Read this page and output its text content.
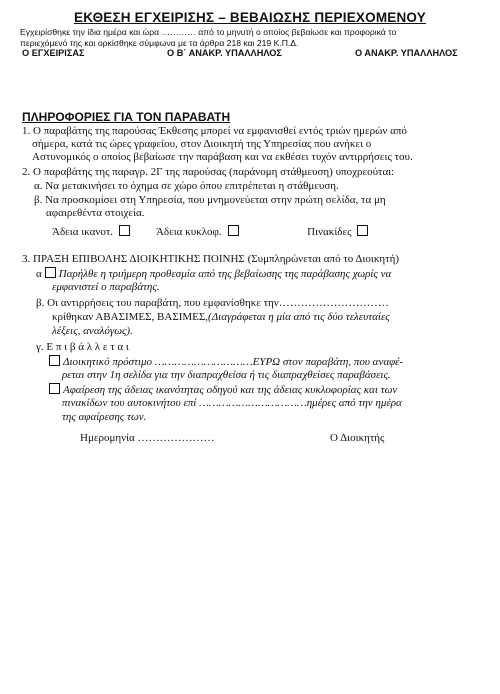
ΕΚΘΕΣΗ ΕΓΧΕΙΡΙΣΗΣ – ΒΕΒΑΙΩΣΗΣ ΠΕΡΙΕΧΟΜΕΝΟΥ
Εγχειρίσθηκε την ίδια ημέρα και ώρα ………… από το μηνυτή ο οποίος βεβαίωσε και προφορικά το
περιεχόμενό της και ορκίσθηκε σύμφωνα με τα άρθρα 218 και 219 Κ.Π.Δ.
Ο ΕΓΧΕΙΡΙΣΑΣ	Ο Β΄ ΑΝΑΚΡ. ΥΠΑΛΛΗΛΟΣ	Ο ΑΝΑΚΡ. ΥΠΑΛΛΗΛΟΣ
ΠΛΗΡΟΦΟΡΙΕΣ ΓΙΑ ΤΟΝ ΠΑΡΑΒΑΤΗ
1. Ο παραβάτης της παρούσας Έκθεσης μπορεί να εμφανισθεί εντός τριών ημερών από
σήμερα, κατά τις ώρες γραφείου, στον Διοικητή της Υπηρεσίας που ανήκει ο
Αστυνομικός ο οποίος βεβαίωσε την παράβαση και να εκθέσει τυχόν αντιρρήσεις του.
2. Ο παραβάτης της παραγρ. 2Γ της παρούσας (παράνομη στάθμευση) υποχρεούται:
α. Να μετακινήσει το όχημα σε χώρο όπου επιτρέπεται η στάθμευση.
β. Να προσκομίσει στη Υπηρεσία, που μνημονεύεται στην πρώτη σελίδα, τα μη
αφαιρεθέντα στοιχεία.
Άδεια ικανοτ.	Άδεια κυκλοφ.	Πινακίδες
3. ΠΡΑΞΗ ΕΠΙΒΟΛΗΣ ΔΙΟΙΚΗΤΙΚΗΣ ΠΟΙΝΗΣ (Συμπληρώνεται από το Διοικητή)
α Παρήλθε η τριήμερη προθεσμία από της βεβαίωσης της παράβασης χωρίς να
εμφανιστεί ο παραβάτης.
β. Οι αντιρρήσεις του παραβάτη, που εμφανίσθηκε την…………………………
κρίθηκαν ΑΒΑΣΙΜΕΣ, ΒΑΣΙΜΕΣ,(Διαγράφεται η μία από τις δύο τελευταίες
λέξεις, αναλόγως).
γ. Ε π ι β ά λ λ ε τ α ι
Διοικητικό πρόστιμο …………………………ΕΥΡΩ στον παραβάτη, που αναφέ-
ρεται στην 1η σελίδα για την διαπραχθείσα ή τις διαπραχθείσες παραβάσεις.
Αφαίρεση της άδειας ικανότητας οδηγού και της άδειας κυκλοφορίας και των
πινακίδων του αυτοκινήτου επί ……………………………ημέρες από την ημέρα
της αφαίρεσης των.
Ημερομηνία …………………	Ο Διοικητής
